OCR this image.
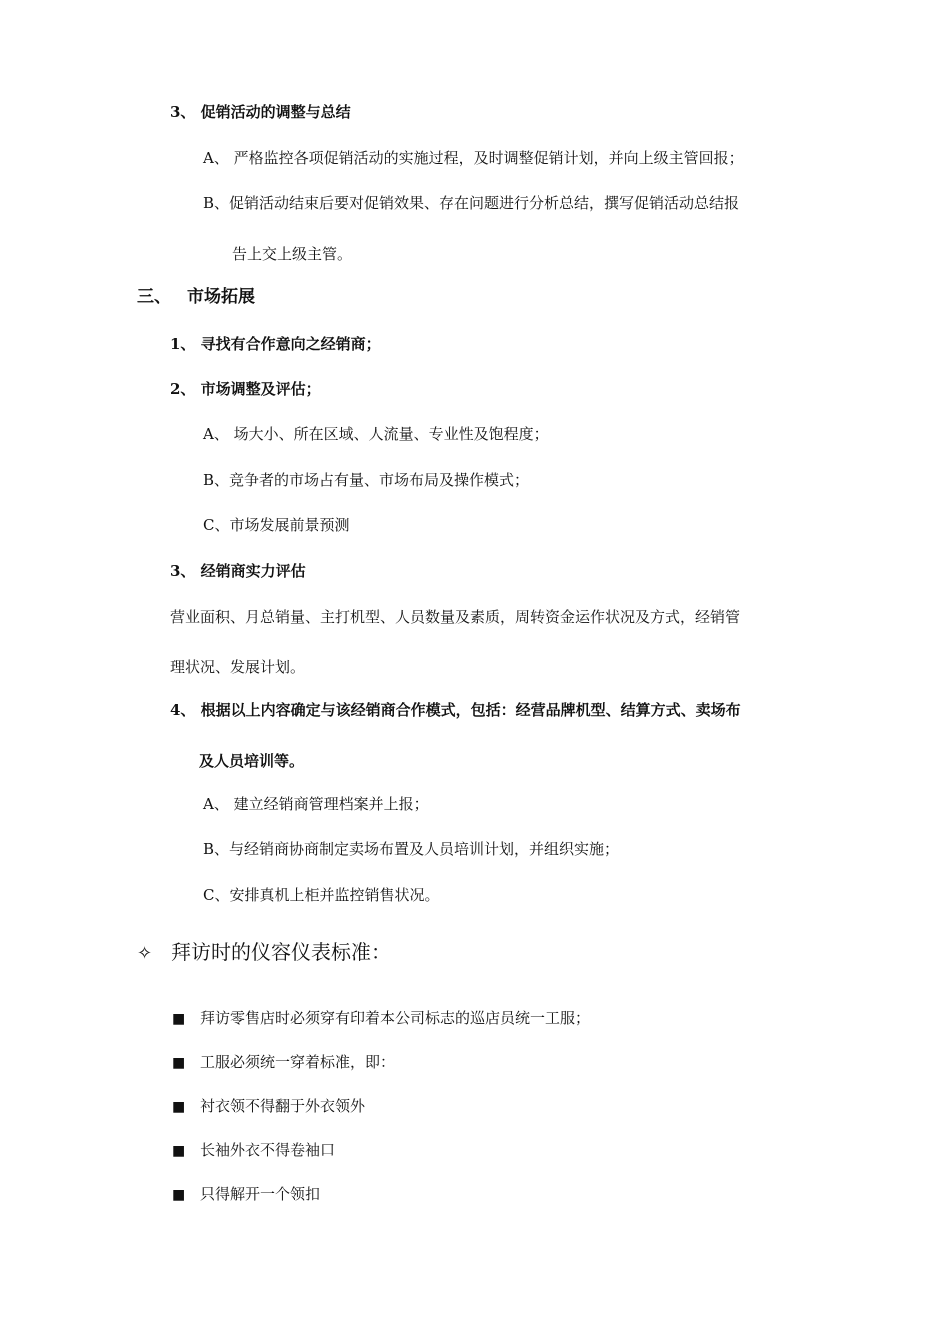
3、 促销活动的调整与总结
A、 严格监控各项促销活动的实施过程，及时调整促销计划，并向上级主管回报；
B、促销活动结束后要对促销效果、存在问题进行分析总结，撰写促销活动总结报
告上交上级主管。
三、 市场拓展
1、 寻找有合作意向之经销商；
2、 市场调整及评估；
A、 场大小、所在区域、人流量、专业性及饱程度；
B、竞争者的市场占有量、市场布局及操作模式；
C、市场发展前景预测
3、 经销商实力评估
营业面积、月总销量、主打机型、人员数量及素质，周转资金运作状况及方式，经销管
理状况、发展计划。
4、 根据以上内容确定与该经销商合作模式，包括：经营品牌机型、结算方式、卖场布
及人员培训等。
A、 建立经销商管理档案并上报；
B、与经销商协商制定卖场布置及人员培训计划，并组织实施；
C、安排真机上柜并监控销售状况。
✧ 拜访时的仪容仪表标准：
■ 拜访零售店时必须穿有印着本公司标志的巡店员统一工服；
■ 工服必须统一穿着标准，即：
■ 衬衣领不得翻于外衣领外
■ 长袖外衣不得卷袖口
■ 只得解开一个领扣
